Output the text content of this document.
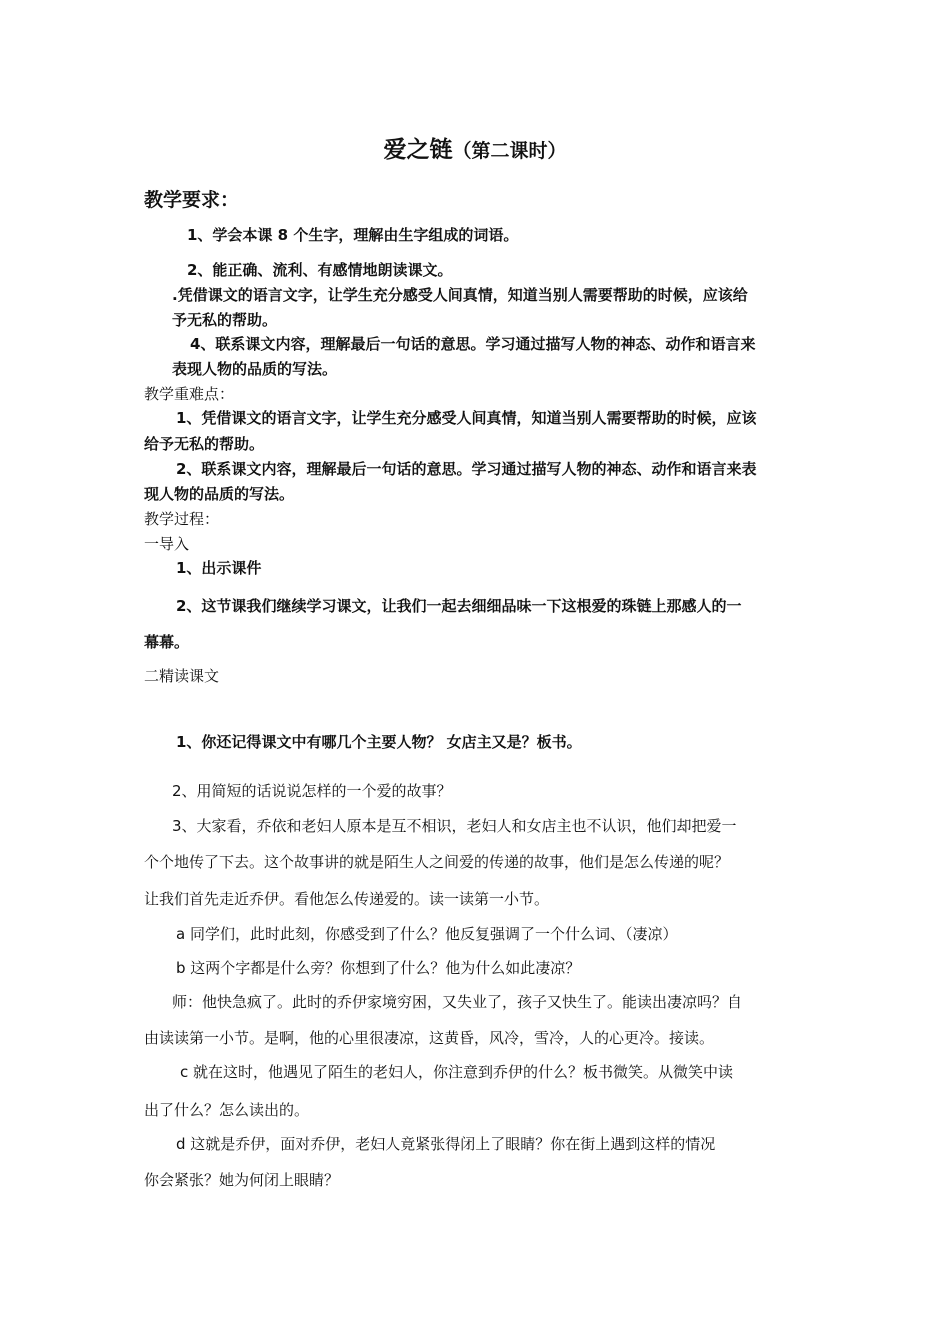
爱之链（第二课时）
教学要求：
1、学会本课 8 个生字，理解由生字组成的词语。
2、能正确、流利、有感情地朗读课文。
.凭借课文的语言文字，让学生充分感受人间真情，知道当别人需要帮助的时候，应该给
予无私的帮助。
4、联系课文内容，理解最后一句话的意思。学习通过描写人物的神态、动作和语言来
表现人物的品质的写法。
教学重难点：
1、凭借课文的语言文字，让学生充分感受人间真情，知道当别人需要帮助的时候，应该
给予无私的帮助。
2、联系课文内容，理解最后一句话的意思。学习通过描写人物的神态、动作和语言来表
现人物的品质的写法。
教学过程：
一导入
1、出示课件
2、这节课我们继续学习课文，让我们一起去细细品味一下这根爱的珠链上那感人的一
幕幕。
二精读课文
1、你还记得课文中有哪几个主要人物？ 女店主又是？板书。
2、用简短的话说说怎样的一个爱的故事？
3、大家看，乔依和老妇人原本是互不相识，老妇人和女店主也不认识，他们却把爱一
个个地传了下去。这个故事讲的就是陌生人之间爱的传递的故事，他们是怎么传递的呢？
让我们首先走近乔伊。看他怎么传递爱的。读一读第一小节。
a 同学们，此时此刻，你感受到了什么？他反复强调了一个什么词、（凄凉）
b 这两个字都是什么旁？你想到了什么？他为什么如此凄凉？
师：他快急疯了。此时的乔伊家境穷困，又失业了，孩子又快生了。能读出凄凉吗？自
由读读第一小节。是啊，他的心里很凄凉，这黄昏，风冷，雪冷，人的心更冷。接读。
c 就在这时，他遇见了陌生的老妇人，你注意到乔伊的什么？板书微笑。从微笑中读
出了什么？怎么读出的。
d 这就是乔伊，面对乔伊，老妇人竟紧张得闭上了眼睛？你在街上遇到这样的情况
你会紧张？她为何闭上眼睛？
